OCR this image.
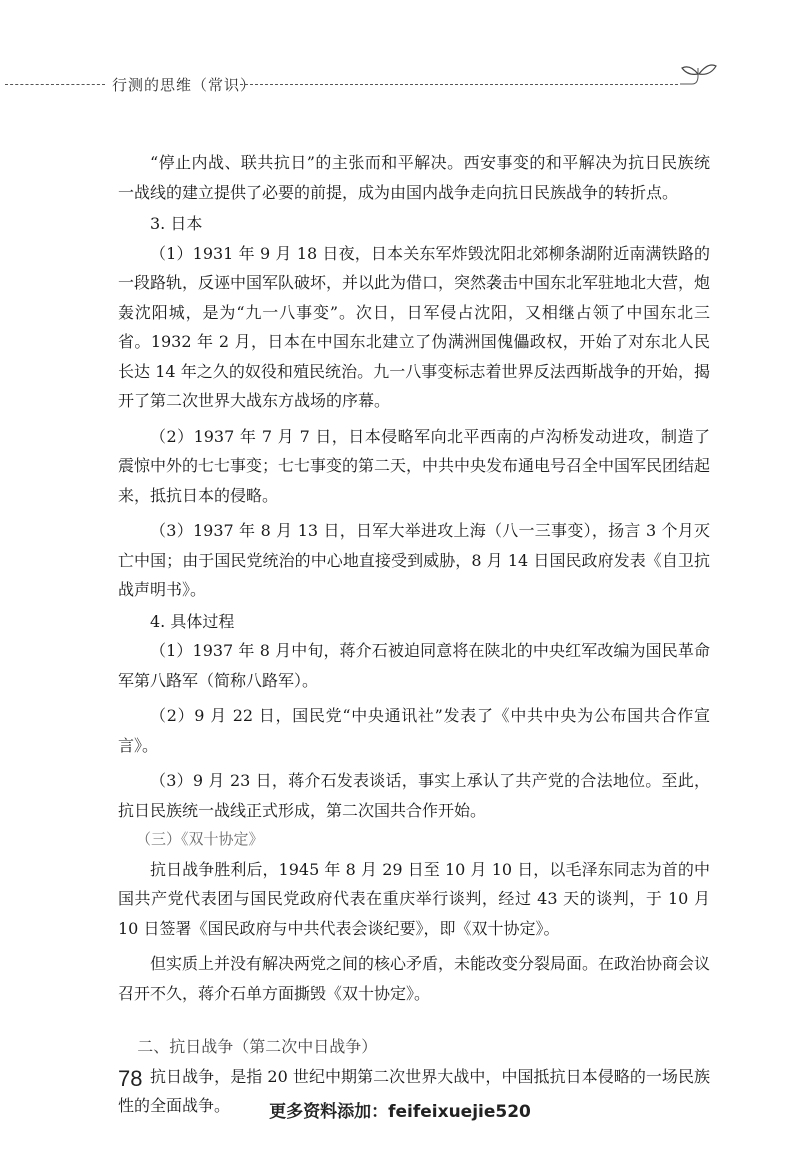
行测的思维（常识）

“停止内战、联共抗日”的主张而和平解决。西安事变的和平解决为抗日民族统一战线的建立提供了必要的前提，成为由国内战争走向抗日民族战争的转折点。

3. 日本

（1）1931 年 9 月 18 日夜，日本关东军炸毁沈阳北郊柳条湖附近南满铁路的一段路轨，反诬中国军队破坏，并以此为借口，突然袭击中国东北军驻地北大营，炮轰沈阳城，是为“九一八事变”。次日，日军侵占沈阳，又相继占领了中国东北三省。1932 年 2 月，日本在中国东北建立了伪满洲国傀儡政权，开始了对东北人民长达 14 年之久的奴役和殖民统治。九一八事变标志着世界反法西斯战争的开始，揭开了第二次世界大战东方战场的序幕。

（2）1937 年 7 月 7 日，日本侵略军向北平西南的卢沟桥发动进攻，制造了震惊中外的七七事变；七七事变的第二天，中共中央发布通电号召全中国军民团结起来，抵抗日本的侵略。

（3）1937 年 8 月 13 日，日军大举进攻上海（八一三事变），扬言 3 个月灭亡中国；由于国民党统治的中心地直接受到威胁，8 月 14 日国民政府发表《自卫抗战声明书》。

4. 具体过程

（1）1937 年 8 月中旬，蒋介石被迫同意将在陕北的中央红军改编为国民革命军第八路军（简称八路军）。

（2）9 月 22 日，国民党“中央通讯社”发表了《中共中央为公布国共合作宣言》。

（3）9 月 23 日，蒋介石发表谈话，事实上承认了共产党的合法地位。至此，抗日民族统一战线正式形成，第二次国共合作开始。

（三）《双十协定》

抗日战争胜利后，1945 年 8 月 29 日至 10 月 10 日，以毛泽东同志为首的中国共产党代表团与国民党政府代表在重庆举行谈判，经过 43 天的谈判，于 10 月 10 日签署《国民政府与中共代表会谈纪要》，即《双十协定》。

但实质上并没有解决两党之间的核心矛盾，未能改变分裂局面。在政治协商会议召开不久，蒋介石单方面撕毁《双十协定》。

二、抗日战争（第二次中日战争）

抗日战争，是指 20 世纪中期第二次世界大战中，中国抵抗日本侵略的一场民族性的全面战争。

78
更多资料添加：feifeixuejie520
